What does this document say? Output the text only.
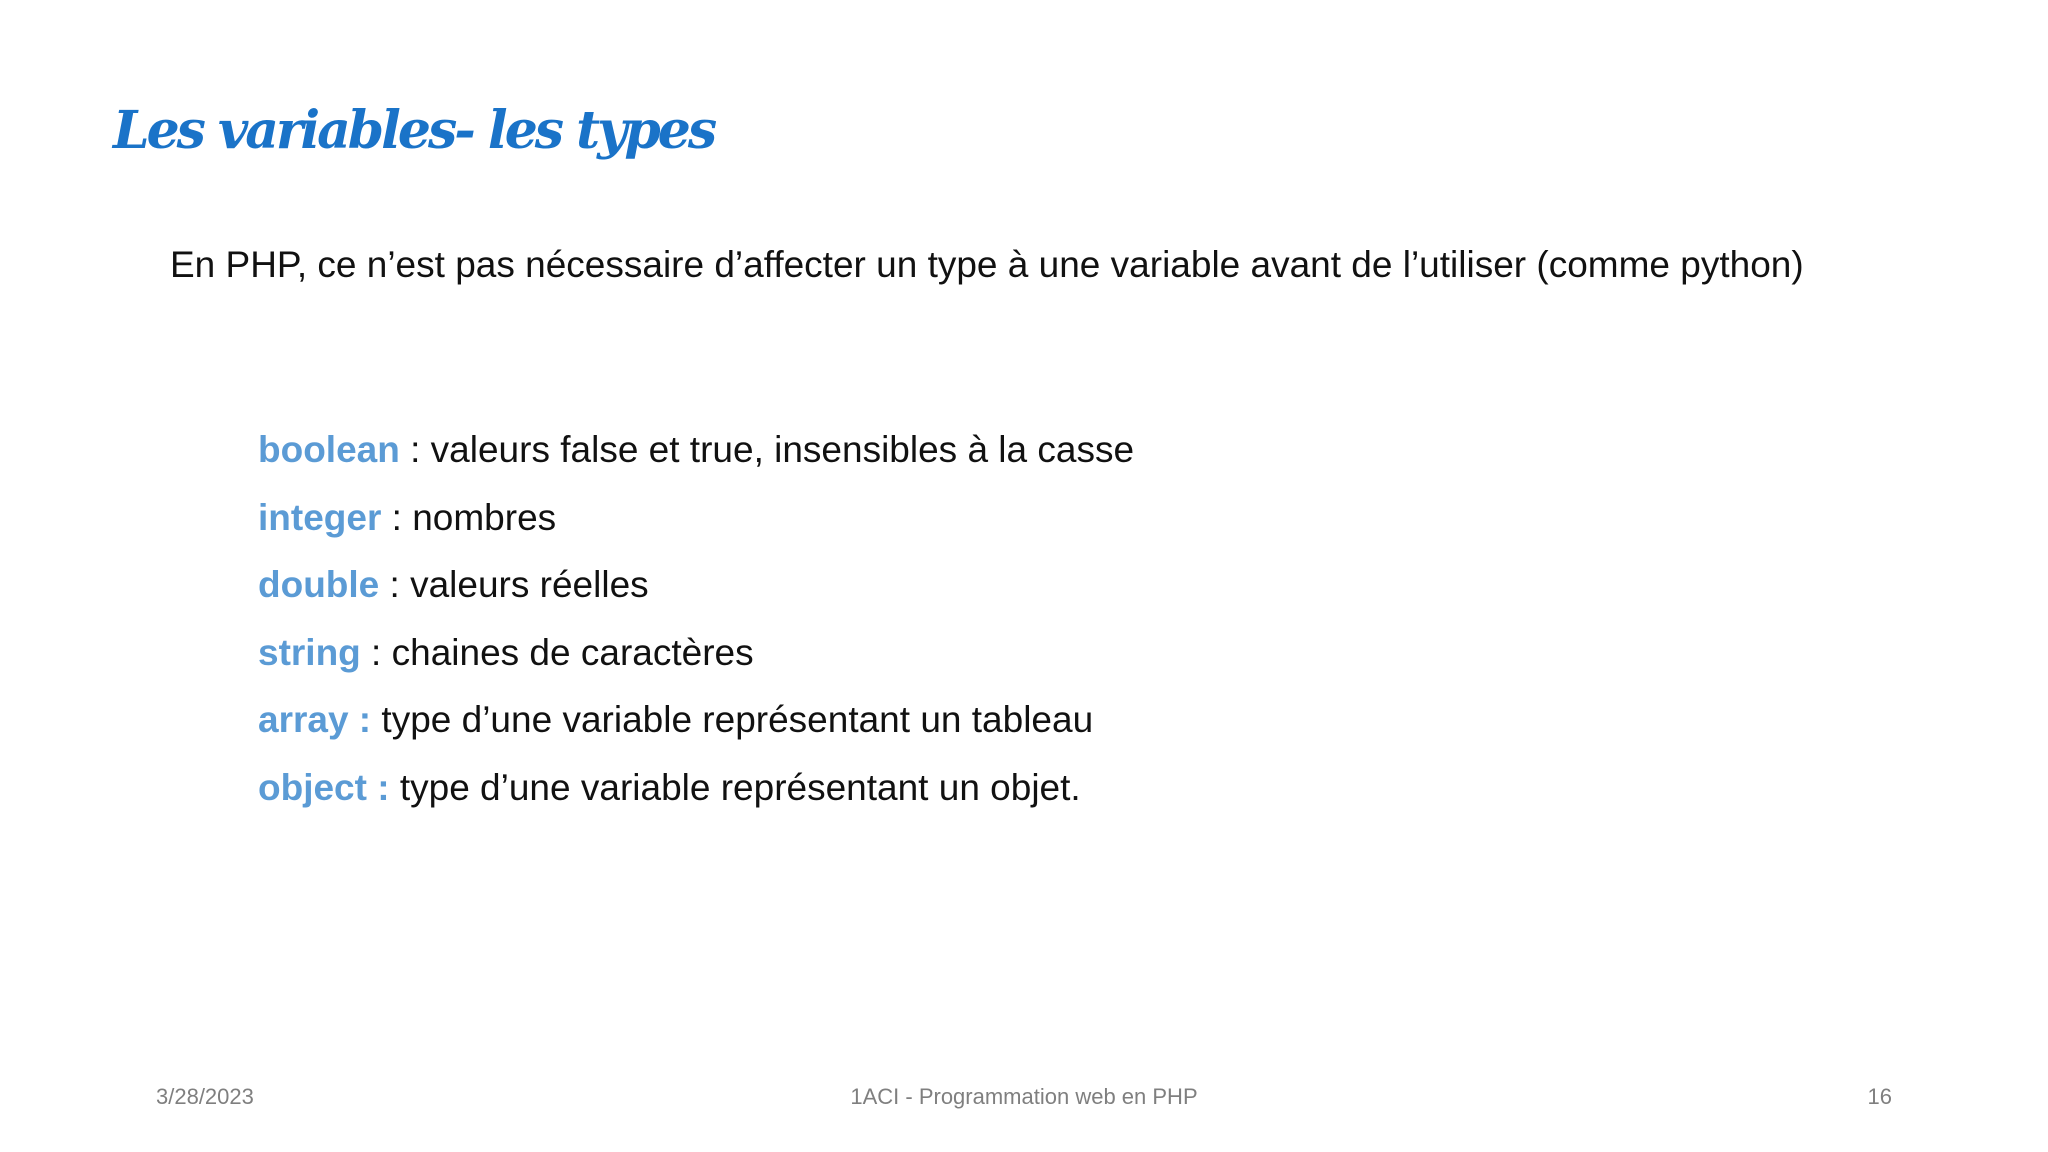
Les variables- les types

En PHP, ce n’est pas nécessaire d’affecter un type à une variable avant de l’utiliser (comme python)

boolean : valeurs false et true, insensibles à la casse
integer : nombres
double : valeurs réelles
string : chaines de caractères
array : type d’une variable représentant un tableau
object : type d’une variable représentant un objet.
3/28/2023	1ACI - Programmation web en PHP	16
